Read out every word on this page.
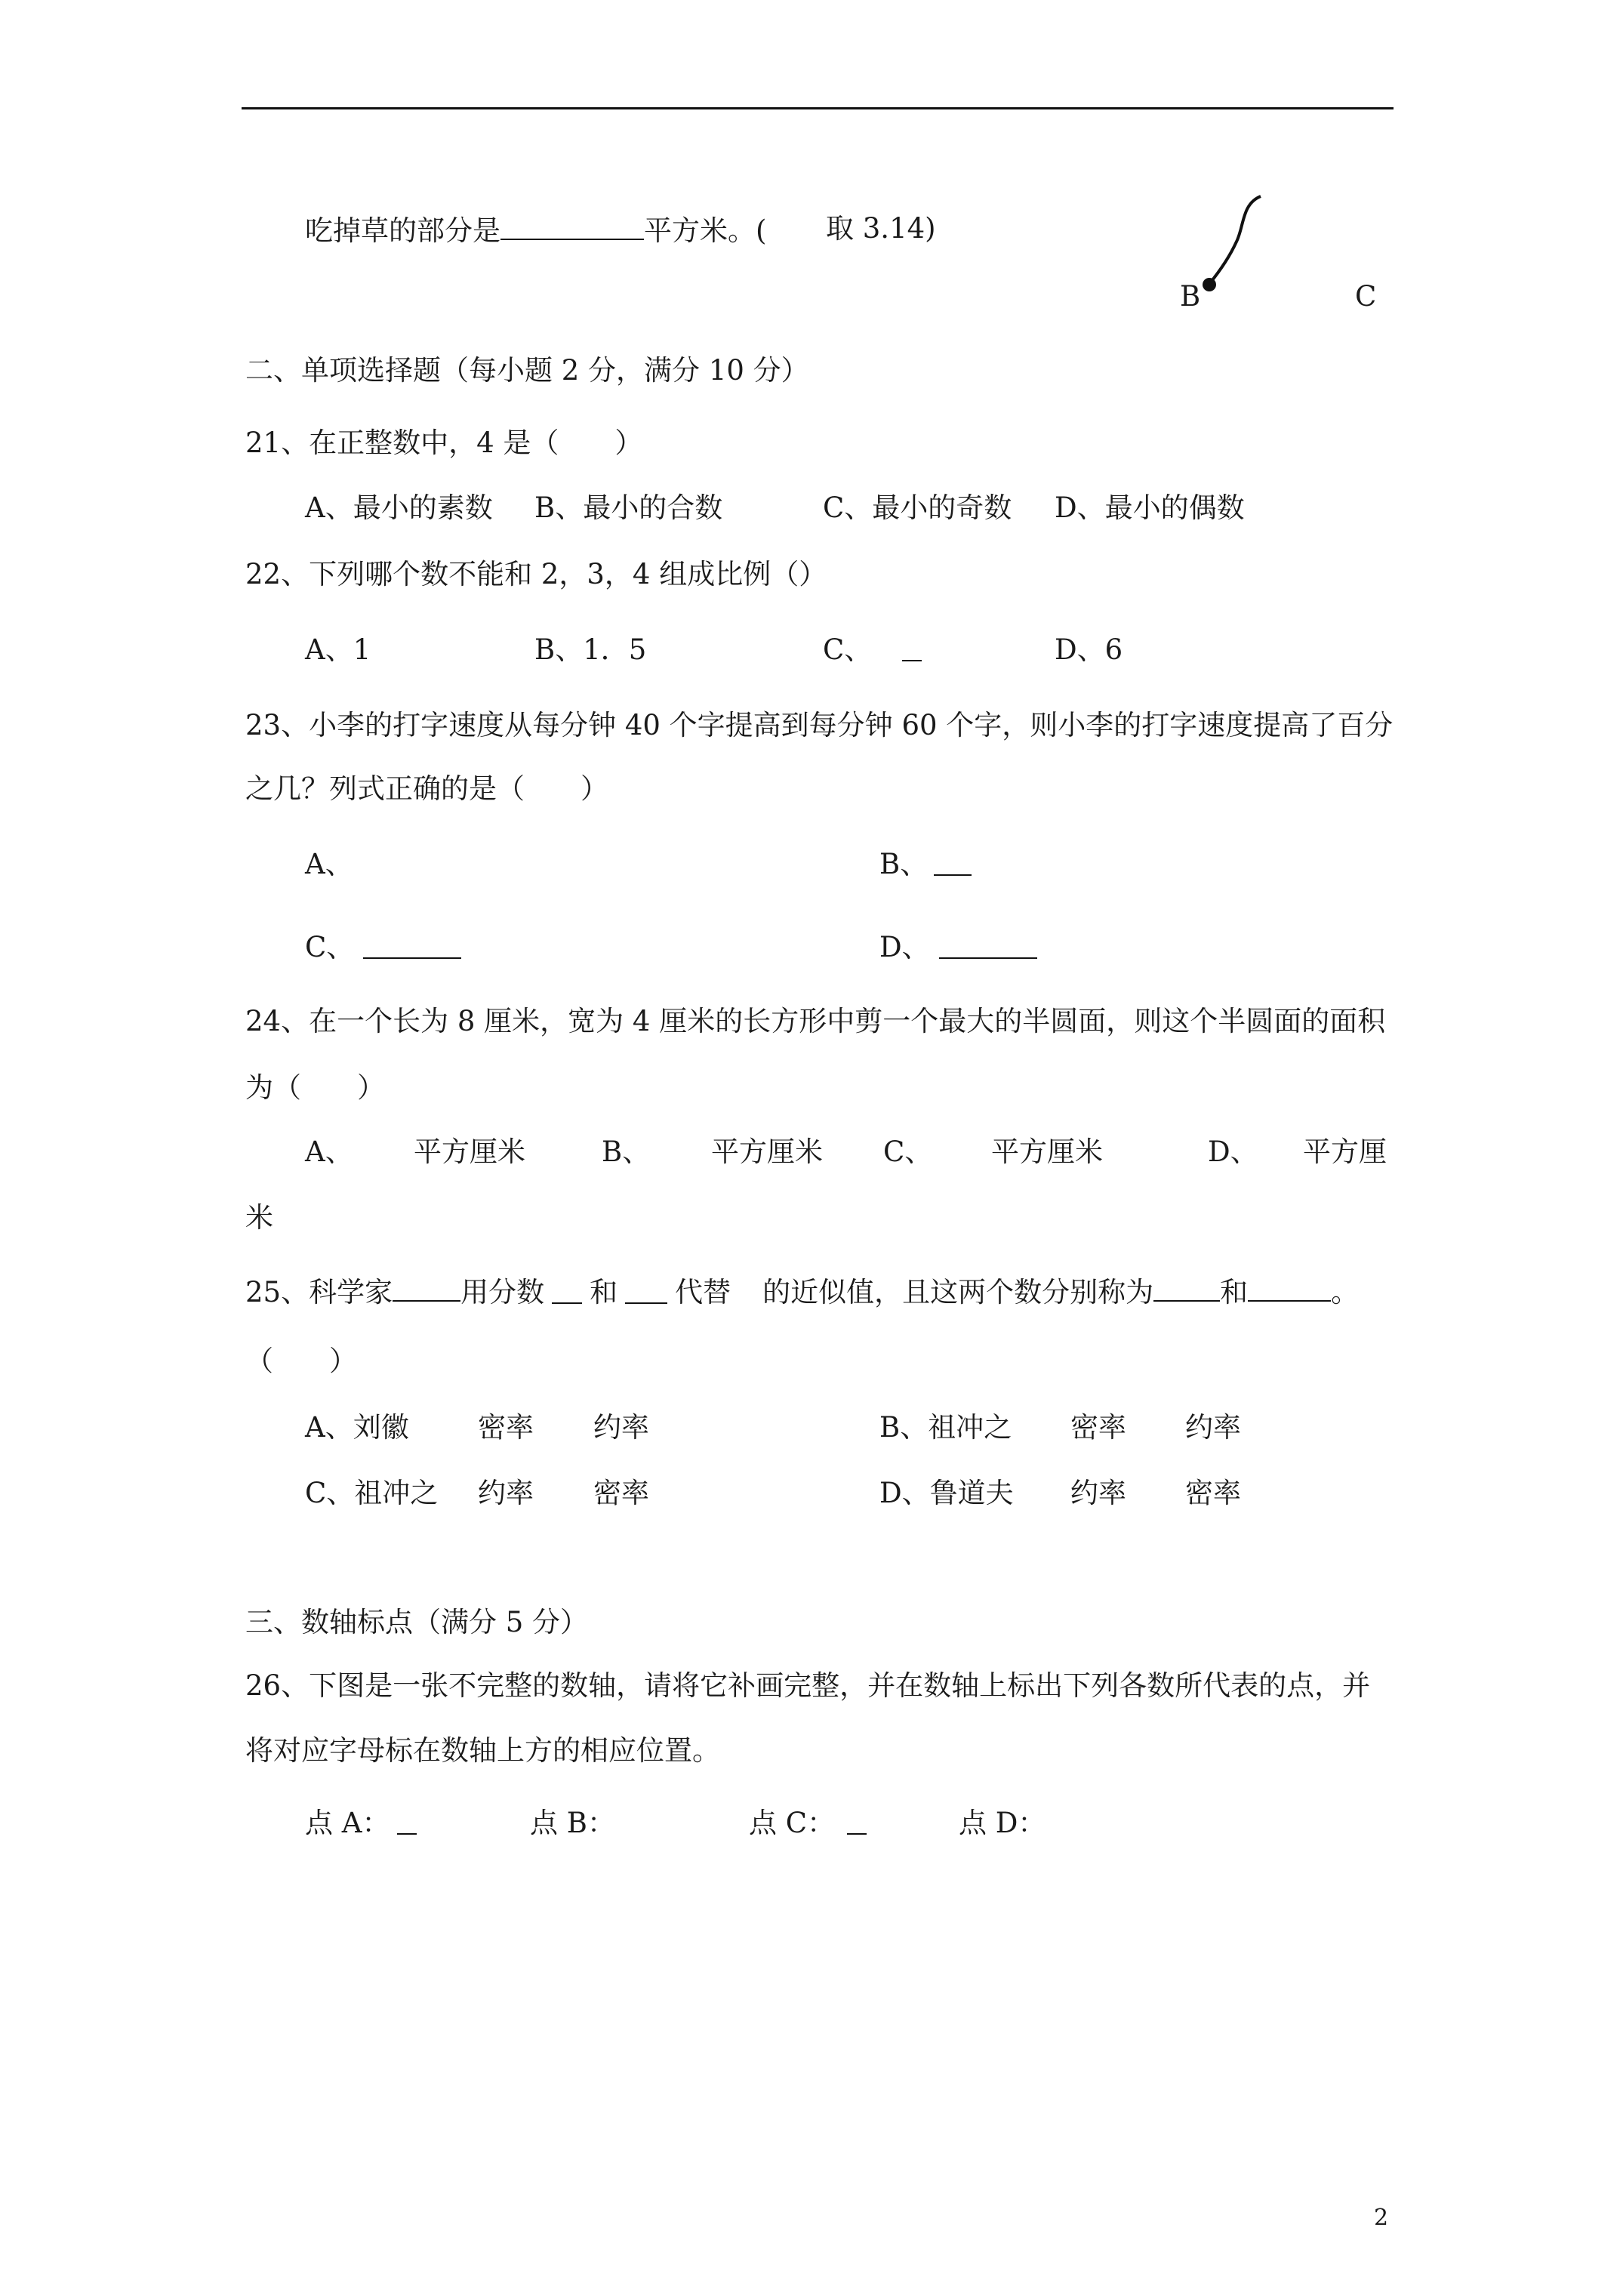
吃掉草的部分是	平方米。( 取 3.14)
B	C
二、单项选择题（每小题 2 分，满分 10 分）
21、在正整数中，4 是（　　）
A、最小的素数 B、最小的合数	C、最小的奇数 D、最小的偶数
22、下列哪个数不能和 2，3，4 组成比例（）
A、1	B、1．5	C、	D、6
23、小李的打字速度从每分钟 40 个字提高到每分钟 60 个字，则小李的打字速度提高了百分
之几？列式正确的是（　　）
A、	B、
C、	D、
24、在一个长为 8 厘米，宽为 4 厘米的长方形中剪一个最大的半圆面，则这个半圆面的面积
为（　　）
A、 平方厘米	B、 平方厘米 C、 平方厘米	D、 平方厘
米
25、科学家 用分数 和 代替 的近似值，且这两个数分别称为 和	。
（　　）
A、刘徽 密率 约率	B、祖冲之 密率 约率
C、祖冲之 约率 密率	D、鲁道夫 约率 密率
三、数轴标点（满分 5 分）
26、下图是一张不完整的数轴，请将它补画完整，并在数轴上标出下列各数所代表的点，并
将对应字母标在数轴上方的相应位置。
点 A：	点 B：	点 C：	点 D：
2
